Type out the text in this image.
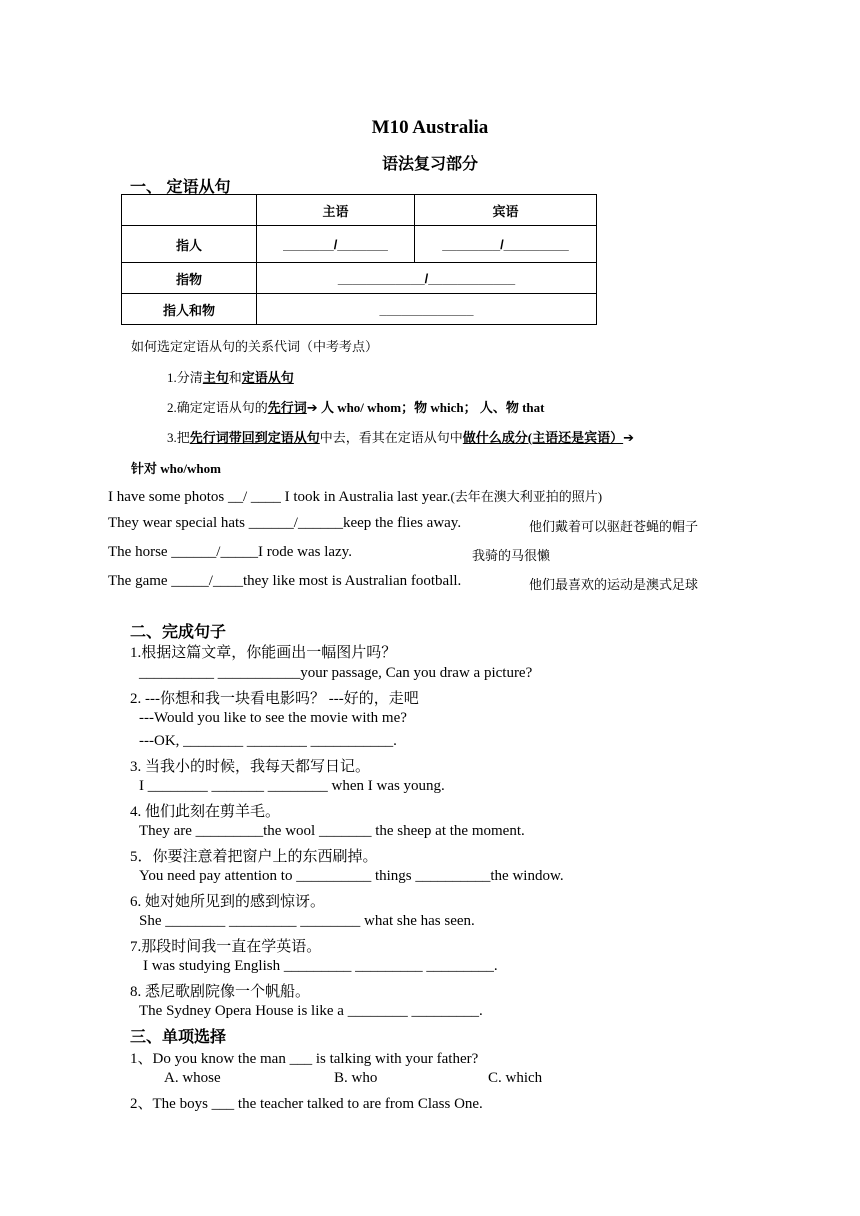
M10 Australia
语法复习部分
一、 定语从句
	主语	宾语
指人	_______/_______	________/_________
指物	____________/____________	
指人和物	_____________	
如何选定定语从句的关系代词（中考考点）
1.分清主句和定语从句
2.确定定语从句的先行词➔ 人 who/ whom；物 which； 人、物 that
3.把先行词带回到定语从句中去，看其在定语从句中做什么成分(主语还是宾语）➔
针对 who/whom
I have some photos __/ ____ I took in Australia last year.(去年在澳大利亚拍的照片)
They wear special hats ______/______keep the flies away.	他们戴着可以驱赶苍蝇的帽子
The horse ______/_____I rode was lazy.	我骑的马很懒
The game _____/____they like most is Australian football.	他们最喜欢的运动是澳式足球
二、完成句子
1.根据这篇文章，你能画出一幅图片吗？
__________ ___________your passage, Can you draw a picture?
2. ---你想和我一块看电影吗？ ---好的，走吧
---Would you like to see the movie with me?
---OK, ________ ________ ___________.
3. 当我小的时候，我每天都写日记。
I ________ _______ ________ when I was young.
4. 他们此刻在剪羊毛。
They are _________the wool _______ the sheep at the moment.
5．你要注意着把窗户上的东西刷掉。
You need pay attention to __________ things __________the window.
6. 她对她所见到的感到惊讶。
She ________ _________ ________ what she has seen.
7.那段时间我一直在学英语。
I was studying English _________ _________ _________.
8. 悉尼歌剧院像一个帆船。
The Sydney Opera House is like a ________ _________.
三、单项选择
1、Do you know the man ___ is talking with your father?
A. whose	B. who	C. which
2、The boys ___ the teacher talked to are from Class One.
